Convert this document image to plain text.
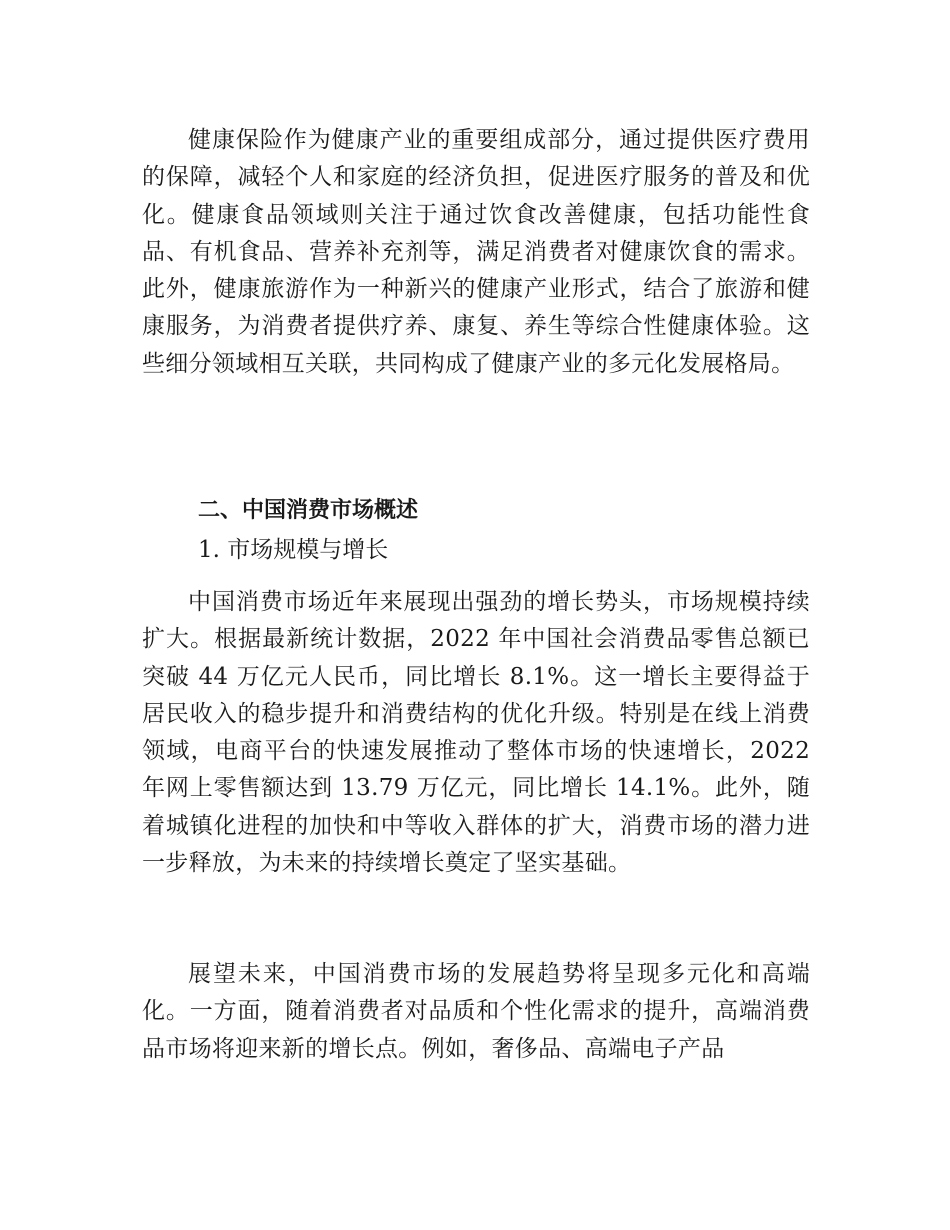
健康保险作为健康产业的重要组成部分，通过提供医疗费用的保障，减轻个人和家庭的经济负担，促进医疗服务的普及和优化。健康食品领域则关注于通过饮食改善健康，包括功能性食品、有机食品、营养补充剂等，满足消费者对健康饮食的需求。此外，健康旅游作为一种新兴的健康产业形式，结合了旅游和健康服务，为消费者提供疗养、康复、养生等综合性健康体验。这些细分领域相互关联，共同构成了健康产业的多元化发展格局。

二、中国消费市场概述

1. 市场规模与增长

中国消费市场近年来展现出强劲的增长势头，市场规模持续扩大。根据最新统计数据，2022 年中国社会消费品零售总额已突破 44 万亿元人民币，同比增长 8.1%。这一增长主要得益于居民收入的稳步提升和消费结构的优化升级。特别是在线上消费领域，电商平台的快速发展推动了整体市场的快速增长，2022 年网上零售额达到 13.79 万亿元，同比增长 14.1%。此外，随着城镇化进程的加快和中等收入群体的扩大，消费市场的潜力进一步释放，为未来的持续增长奠定了坚实基础。

展望未来，中国消费市场的发展趋势将呈现多元化和高端化。一方面，随着消费者对品质和个性化需求的提升，高端消费品市场将迎来新的增长点。例如，奢侈品、高端电子产品
